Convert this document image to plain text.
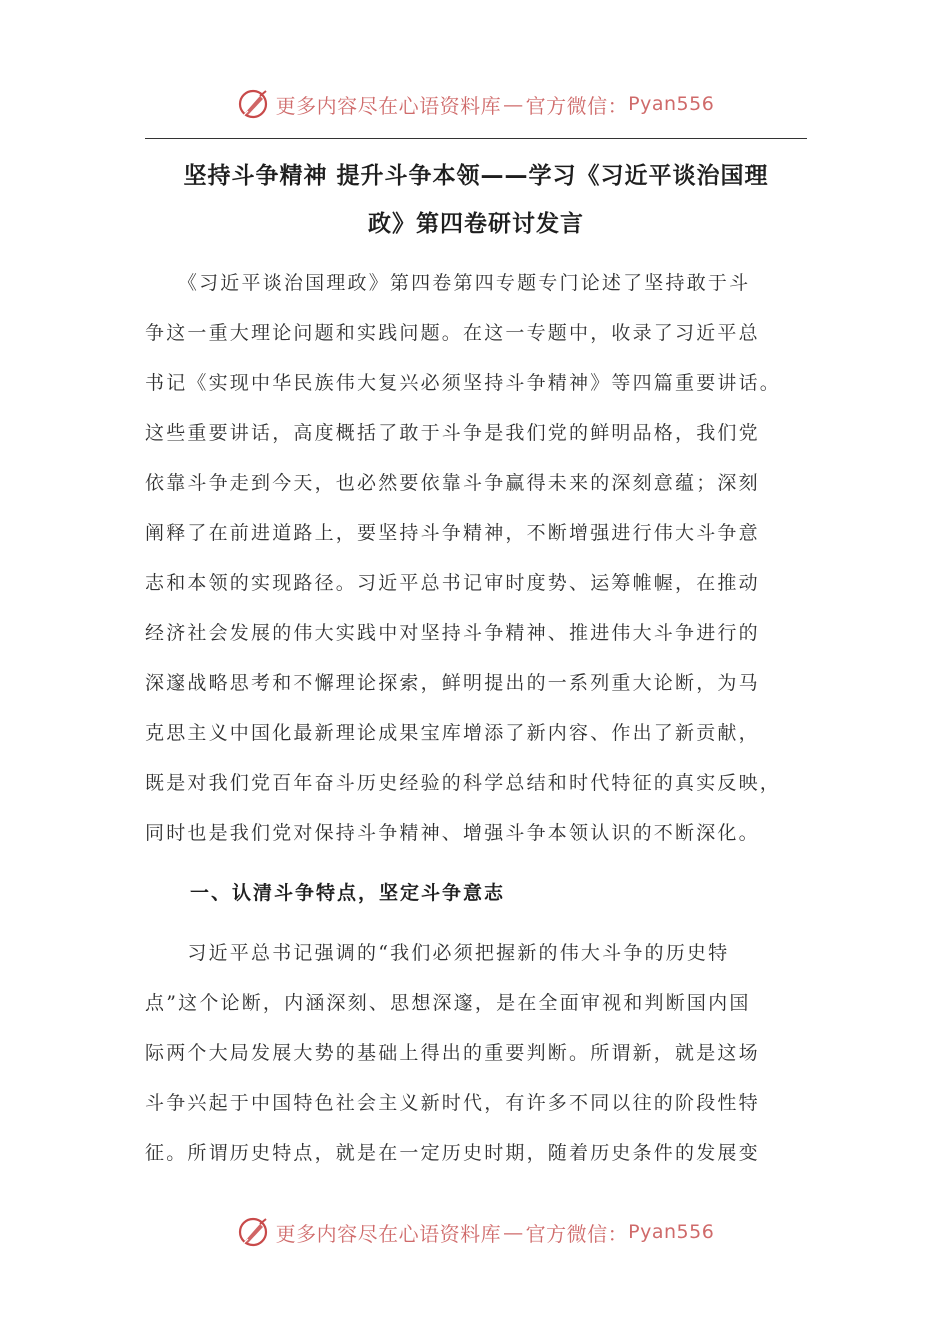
更多内容尽在心语资料库 — 官方微信： Pyan556
坚持斗争精神 提升斗争本领——学习《习近平谈治国理
政》第四卷研讨发言
　　《习近平谈治国理政》第四卷第四专题专门论述了坚持敢于斗
争这一重大理论问题和实践问题。在这一专题中，收录了习近平总
书记《实现中华民族伟大复兴必须坚持斗争精神》等四篇重要讲话。
这些重要讲话，高度概括了敢于斗争是我们党的鲜明品格，我们党
依靠斗争走到今天，也必然要依靠斗争赢得未来的深刻意蕴；深刻
阐释了在前进道路上，要坚持斗争精神，不断增强进行伟大斗争意
志和本领的实现路径。习近平总书记审时度势、运筹帷幄，在推动
经济社会发展的伟大实践中对坚持斗争精神、推进伟大斗争进行的
深邃战略思考和不懈理论探索，鲜明提出的一系列重大论断，为马
克思主义中国化最新理论成果宝库增添了新内容、作出了新贡献，
既是对我们党百年奋斗历史经验的科学总结和时代特征的真实反映，
同时也是我们党对保持斗争精神、增强斗争本领认识的不断深化。
一、认清斗争特点，坚定斗争意志
　　习近平总书记强调的“我们必须把握新的伟大斗争的历史特
点”这个论断，内涵深刻、思想深邃，是在全面审视和判断国内国
际两个大局发展大势的基础上得出的重要判断。所谓新，就是这场
斗争兴起于中国特色社会主义新时代，有许多不同以往的阶段性特
征。所谓历史特点，就是在一定历史时期，随着历史条件的发展变
更多内容尽在心语资料库 — 官方微信： Pyan556
